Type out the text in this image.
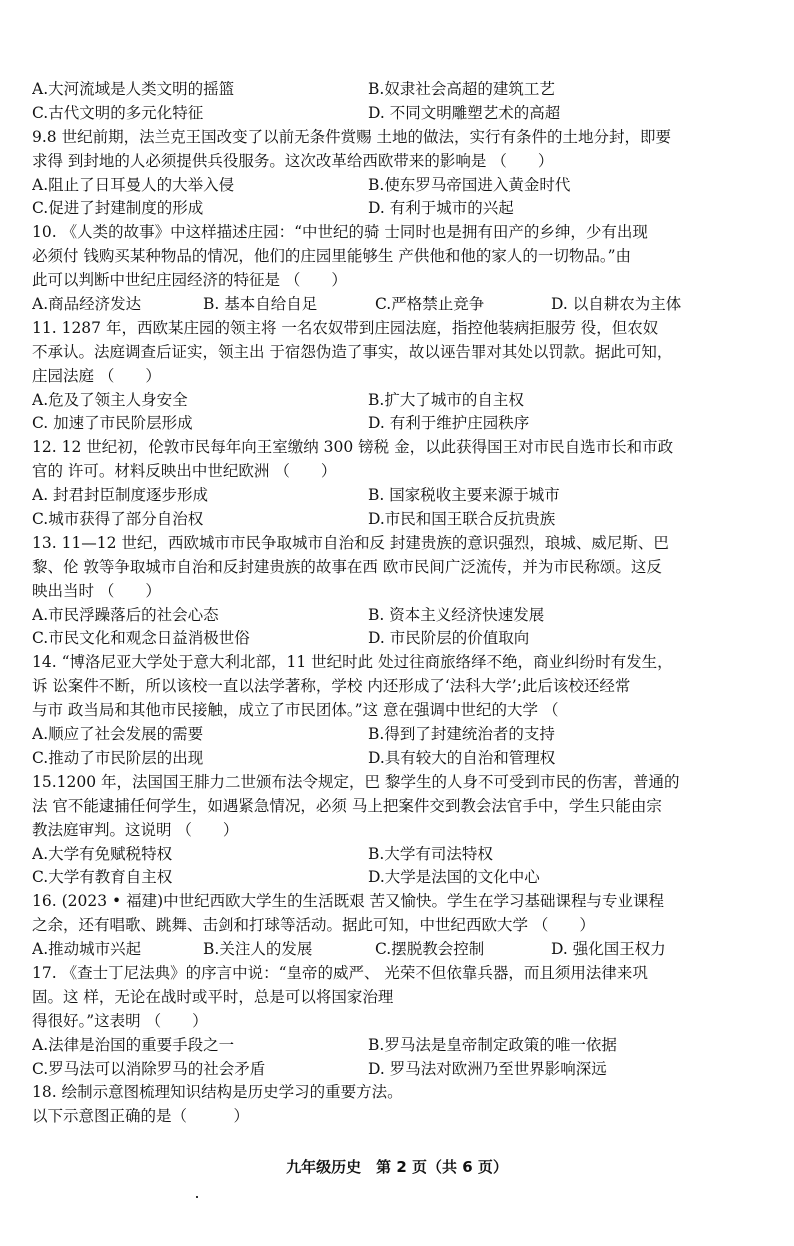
A.大河流域是人类文明的摇篮	B.奴隶社会高超的建筑工艺
C.古代文明的多元化特征	D. 不同文明雕塑艺术的高超
9.8 世纪前期，法兰克王国改变了以前无条件赏赐 土地的做法，实行有条件的土地分封，即要
求得 到封地的人必须提供兵役服务。这次改革给西欧带来的影响是 （　　）
A.阻止了日耳曼人的大举入侵	B.使东罗马帝国进入黄金时代
C.促进了封建制度的形成	D. 有利于城市的兴起
10. 《人类的故事》中这样描述庄园：“中世纪的骑 士同时也是拥有田产的乡绅，少有出现
必须付 钱购买某种物品的情况，他们的庄园里能够生 产供他和他的家人的一切物品。”由
此可以判断中世纪庄园经济的特征是 （　　）
A.商品经济发达	B. 基本自给自足	C.严格禁止竞争	D. 以自耕农为主体
11. 1287 年，西欧某庄园的领主将 一名农奴带到庄园法庭，指控他装病拒服劳 役，但农奴
不承认。法庭调查后证实，领主出 于宿怨伪造了事实，故以诬告罪对其处以罚款。据此可知，
庄园法庭 （　　）
A.危及了领主人身安全	B.扩大了城市的自主权
C. 加速了市民阶层形成	D. 有利于维护庄园秩序
12. 12 世纪初，伦敦市民每年向王室缴纳 300 镑税 金，以此获得国王对市民自选市长和市政
官的 许可。材料反映出中世纪欧洲 （　　）
A. 封君封臣制度逐步形成	B. 国家税收主要来源于城市
C.城市获得了部分自治权	D.市民和国王联合反抗贵族
13. 11—12 世纪，西欧城市市民争取城市自治和反 封建贵族的意识强烈，琅城、威尼斯、巴
黎、伦 敦等争取城市自治和反封建贵族的故事在西 欧市民间广泛流传，并为市民称颂。这反
映出当时 （　　）
A.市民浮躁落后的社会心态	B. 资本主义经济快速发展
C.市民文化和观念日益消极世俗	D. 市民阶层的价值取向
14. “博洛尼亚大学处于意大利北部，11 世纪时此 处过往商旅络绎不绝，商业纠纷时有发生，
诉 讼案件不断，所以该校一直以法学著称，学校 内还形成了‘法科大学’;此后该校还经常
与市 政当局和其他市民接触，成立了市民团体。”这 意在强调中世纪的大学 （
A.顺应了社会发展的需要	B.得到了封建统治者的支持
C.推动了市民阶层的出现	D.具有较大的自治和管理权
15.1200 年，法国国王腓力二世颁布法令规定，巴 黎学生的人身不可受到市民的伤害，普通的
法 官不能逮捕任何学生，如遇紧急情况，必须 马上把案件交到教会法官手中，学生只能由宗
教法庭审判。这说明 （　　）
A.大学有免赋税特权	B.大学有司法特权
C.大学有教育自主权	D.大学是法国的文化中心
16. (2023 • 福建)中世纪西欧大学生的生活既艰 苦又愉快。学生在学习基础课程与专业课程
之余，还有唱歌、跳舞、击剑和打球等活动。据此可知，中世纪西欧大学 （　　）
A.推动城市兴起	B.关注人的发展	C.摆脱教会控制	D. 强化国王权力
17. 《查士丁尼法典》的序言中说：“皇帝的威严、 光荣不但依靠兵器，而且须用法律来巩
固。这 样，无论在战时或平时，总是可以将国家治理
得很好。”这表明 （　　）
A.法律是治国的重要手段之一	B.罗马法是皇帝制定政策的唯一依据
C.罗马法可以消除罗马的社会矛盾	D. 罗马法对欧洲乃至世界影响深远
18. 绘制示意图梳理知识结构是历史学习的重要方法。
以下示意图正确的是（　　　）
九年级历史　第 2 页（共 6 页）
